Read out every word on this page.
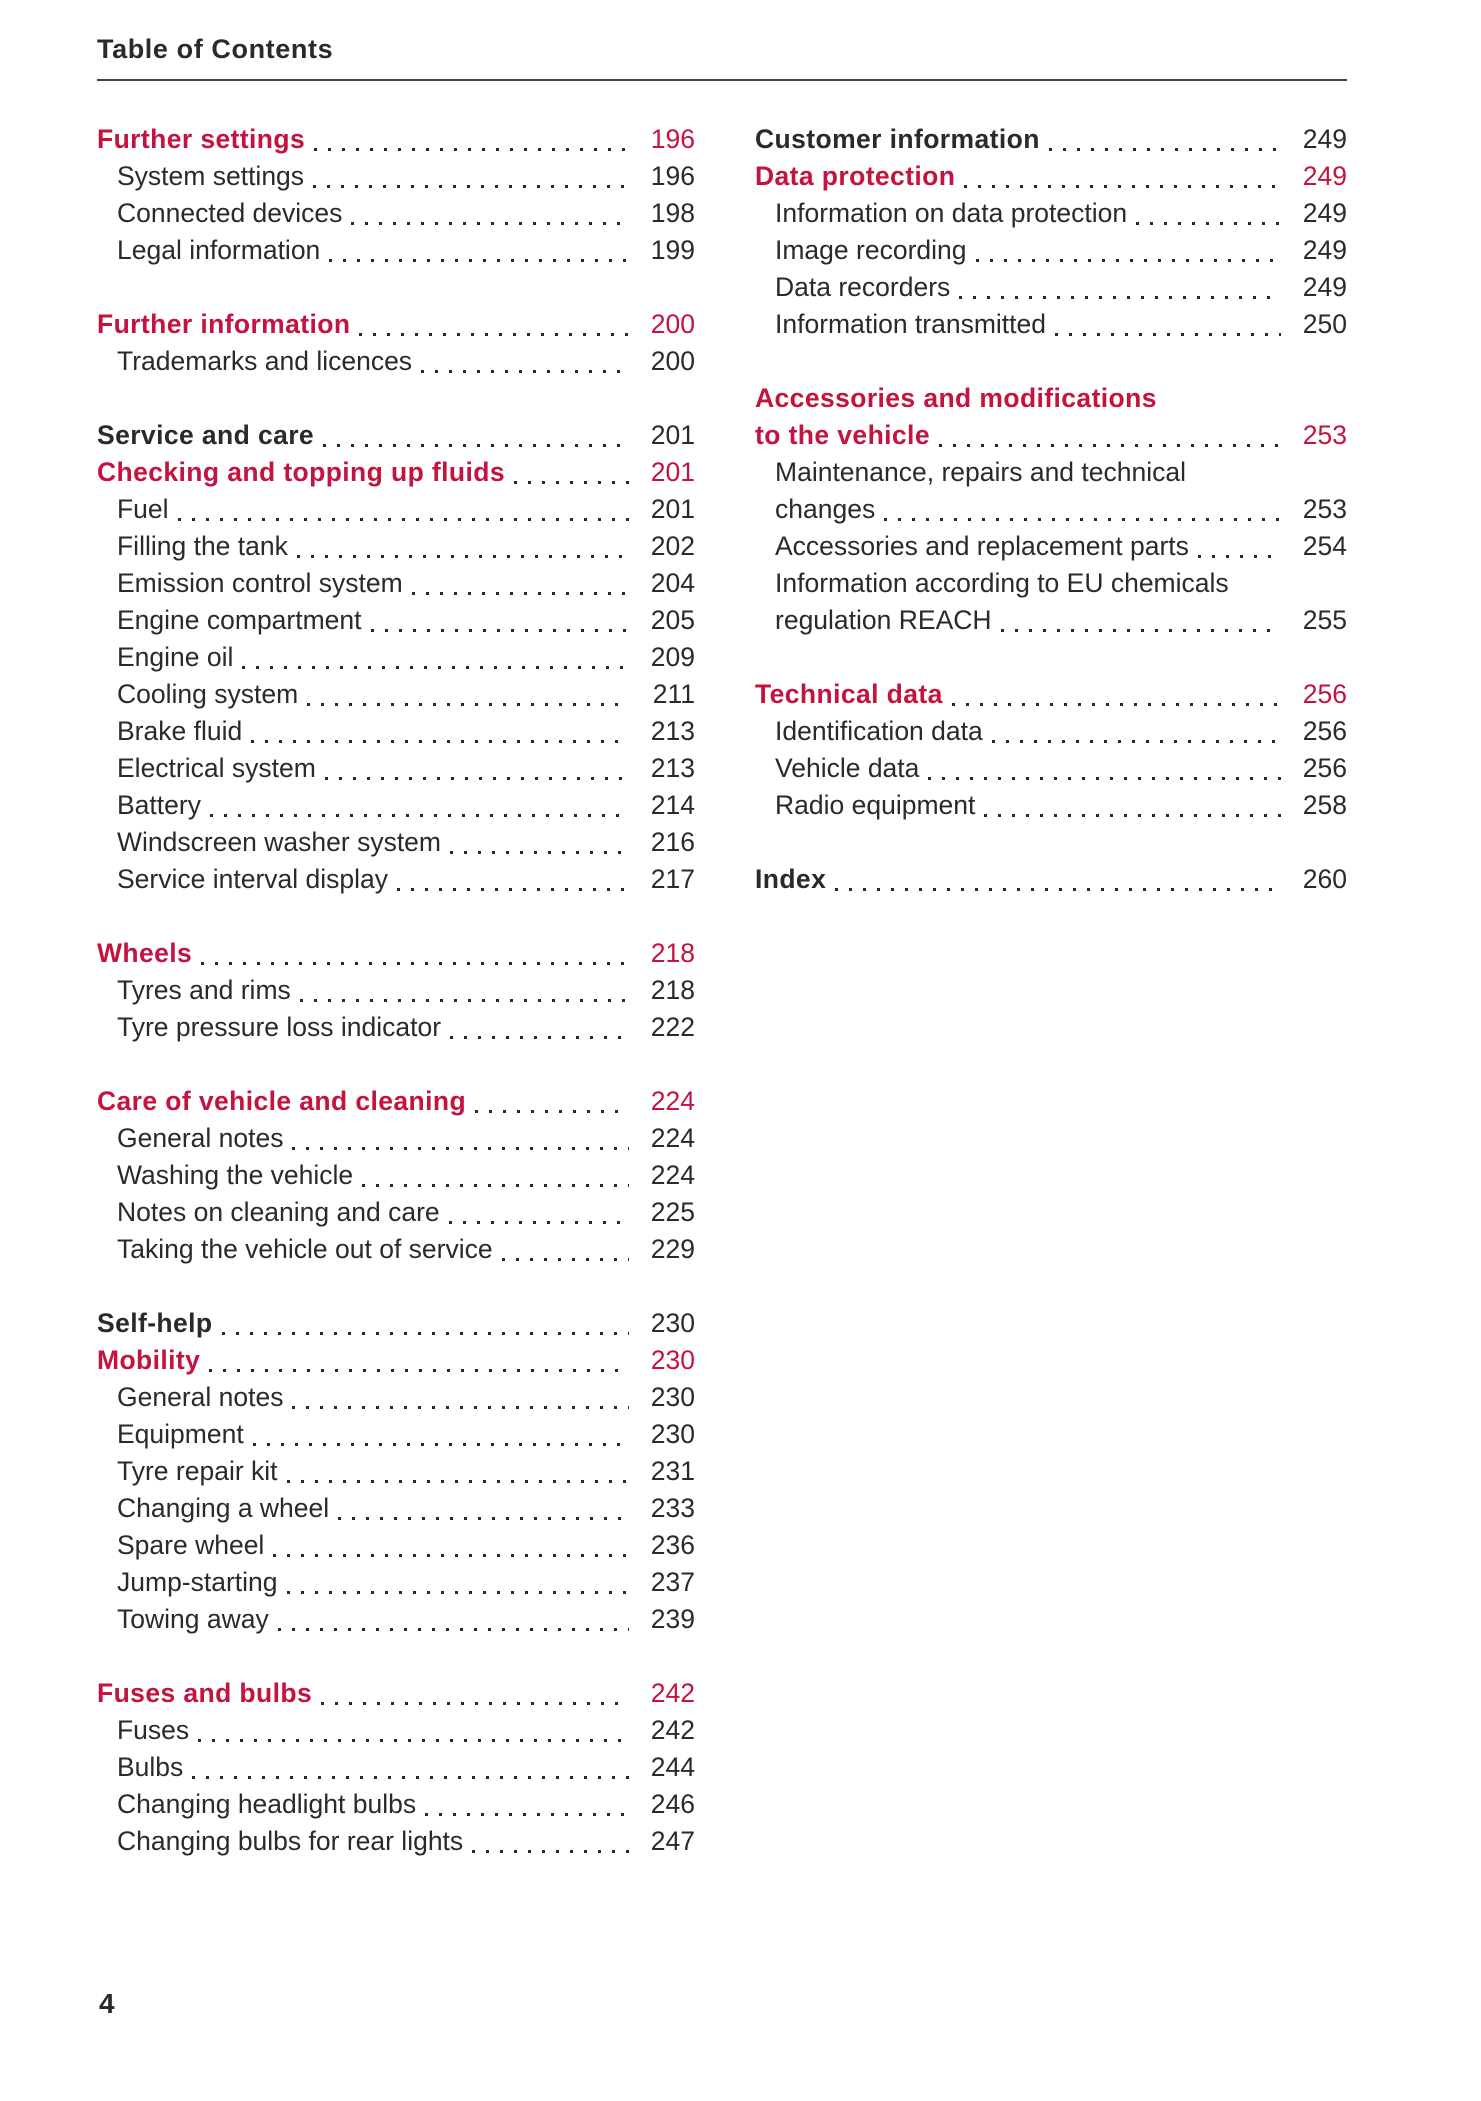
Table of Contents
Further settings	196
System settings	196
Connected devices	198
Legal information	199
Further information	200
Trademarks and licences	200
Service and care	201
Checking and topping up fluids	201
Fuel	201
Filling the tank	202
Emission control system	204
Engine compartment	205
Engine oil	209
Cooling system	211
Brake fluid	213
Electrical system	213
Battery	214
Windscreen washer system	216
Service interval display	217
Wheels	218
Tyres and rims	218
Tyre pressure loss indicator	222
Care of vehicle and cleaning	224
General notes	224
Washing the vehicle	224
Notes on cleaning and care	225
Taking the vehicle out of service	229
Self-help	230
Mobility	230
General notes	230
Equipment	230
Tyre repair kit	231
Changing a wheel	233
Spare wheel	236
Jump-starting	237
Towing away	239
Fuses and bulbs	242
Fuses	242
Bulbs	244
Changing headlight bulbs	246
Changing bulbs for rear lights	247
Customer information	249
Data protection	249
Information on data protection	249
Image recording	249
Data recorders	249
Information transmitted	250
Accessories and modifications
to the vehicle	253
Maintenance, repairs and technical
changes	253
Accessories and replacement parts	254
Information according to EU chemicals
regulation REACH	255
Technical data	256
Identification data	256
Vehicle data	256
Radio equipment	258
Index	260
4
